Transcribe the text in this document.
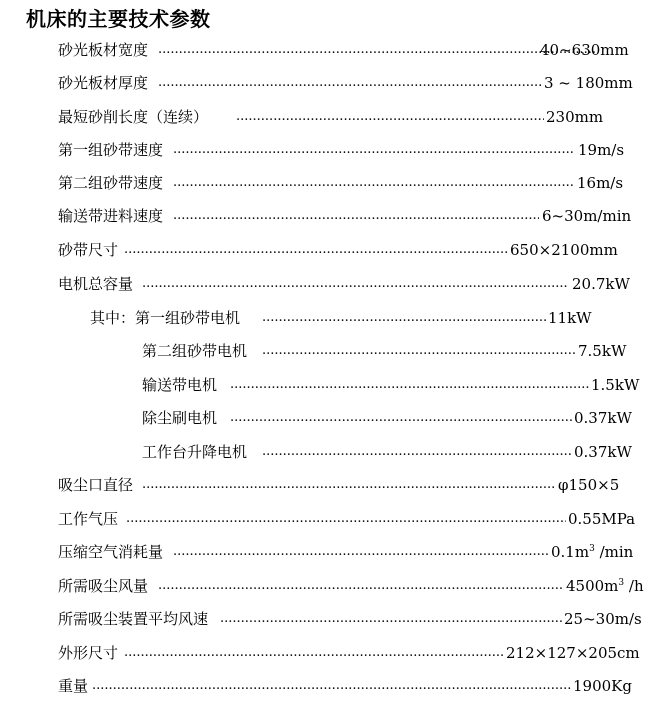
机床的主要技术参数
砂光板材宽度 .....	40~630mm
砂光板材厚度 .....	3 ~ 180mm
最短砂削长度（连续） .....	230mm
第一组砂带速度 .....	19m/s
第二组砂带速度 .....	16m/s
输送带进料速度 .....	6~30m/min
砂带尺寸 .....	650×2100mm
电机总容量 .....	20.7kW
其中：第一组砂带电机 .....	11kW
第二组砂带电机 .....	7.5kW
输送带电机 .....	1.5kW
除尘刷电机 .....	0.37kW
工作台升降电机 .....	0.37kW
吸尘口直径 .....	φ150×5
工作气压 .....	0.55MPa
压缩空气消耗量 .....	$0.1m^3$ /min
所需吸尘风量 .....	$4500m^3$ /h
所需吸尘装置平均风速 .....	25~30m/s
外形尺寸 .....	212×127×205cm
重量 .....	1900Kg
